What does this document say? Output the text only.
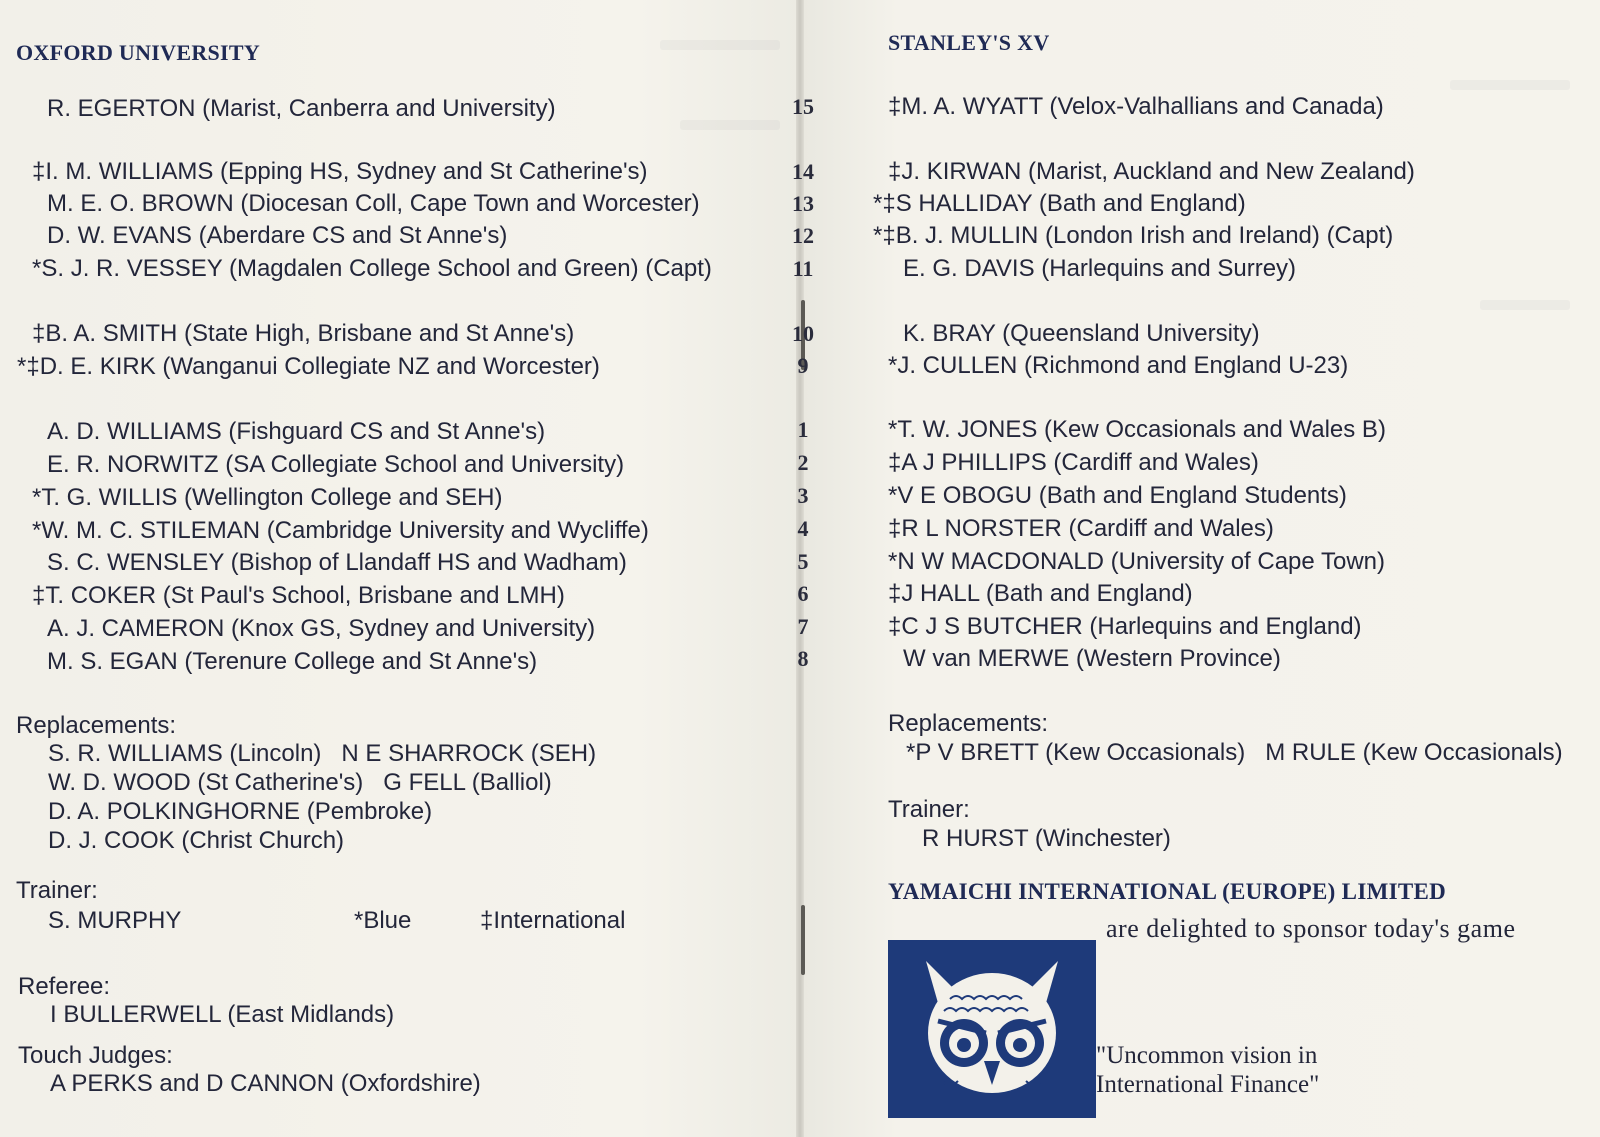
OXFORD UNIVERSITY
R. EGERTON (Marist, Canberra and University)
‡I. M. WILLIAMS (Epping HS, Sydney and St Catherine's)
M. E. O. BROWN (Diocesan Coll, Cape Town and Worcester)
D. W. EVANS (Aberdare CS and St Anne's)
*S. J. R. VESSEY (Magdalen College School and Green) (Capt)
‡B. A. SMITH (State High, Brisbane and St Anne's)
*‡D. E. KIRK (Wanganui Collegiate NZ and Worcester)
A. D. WILLIAMS (Fishguard CS and St Anne's)
E. R. NORWITZ (SA Collegiate School and University)
*T. G. WILLIS (Wellington College and SEH)
*W. M. C. STILEMAN (Cambridge University and Wycliffe)
S. C. WENSLEY (Bishop of Llandaff HS and Wadham)
‡T. COKER (St Paul's School, Brisbane and LMH)
A. J. CAMERON (Knox GS, Sydney and University)
M. S. EGAN (Terenure College and St Anne's)
Replacements:
S. R. WILLIAMS (Lincoln)   N E SHARROCK (SEH)
W. D. WOOD (St Catherine's)   G FELL (Balliol)
D. A. POLKINGHORNE (Pembroke)
D. J. COOK (Christ Church)
Trainer:
S. MURPHY	*Blue	‡International
Referee:
I BULLERWELL (East Midlands)
Touch Judges:
A PERKS and D CANNON (Oxfordshire)
15
14
13
12
11
10
9
1
2
3
4
5
6
7
8
STANLEY'S XV
‡M. A. WYATT (Velox-Valhallians and Canada)
‡J. KIRWAN (Marist, Auckland and New Zealand)
*‡S HALLIDAY (Bath and England)
*‡B. J. MULLIN (London Irish and Ireland) (Capt)
E. G. DAVIS (Harlequins and Surrey)
K. BRAY (Queensland University)
*J. CULLEN (Richmond and England U-23)
*T. W. JONES (Kew Occasionals and Wales B)
‡A J PHILLIPS (Cardiff and Wales)
*V E OBOGU (Bath and England Students)
‡R L NORSTER (Cardiff and Wales)
*N W MACDONALD (University of Cape Town)
‡J HALL (Bath and England)
‡C J S BUTCHER (Harlequins and England)
W van MERWE (Western Province)
Replacements:
*P V BRETT (Kew Occasionals)   M RULE (Kew Occasionals)
Trainer:
R HURST (Winchester)
YAMAICHI INTERNATIONAL (EUROPE) LIMITED
are delighted to sponsor today's game
"Uncommon vision in
International Finance"
